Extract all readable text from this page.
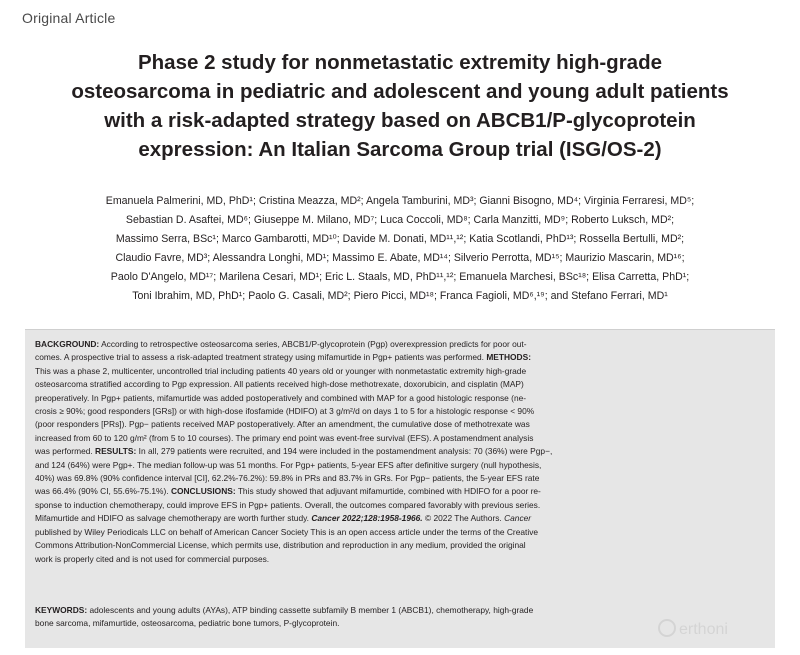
Original Article
Phase 2 study for nonmetastatic extremity high-grade
osteosarcoma in pediatric and adolescent and young adult patients
with a risk-adapted strategy based on ABCB1/P-glycoprotein
expression: An Italian Sarcoma Group trial (ISG/OS-2)
Emanuela Palmerini, MD, PhD¹; Cristina Meazza, MD²; Angela Tamburini, MD³; Gianni Bisogno, MD⁴; Virginia Ferraresi, MD⁵;
Sebastian D. Asaftei, MD⁶; Giuseppe M. Milano, MD⁷; Luca Coccoli, MD⁸; Carla Manzitti, MD⁹; Roberto Luksch, MD²;
Massimo Serra, BSc¹; Marco Gambarotti, MD¹⁰; Davide M. Donati, MD¹¹,¹²; Katia Scotlandi, PhD¹³; Rossella Bertulli, MD²;
Claudio Favre, MD³; Alessandra Longhi, MD¹; Massimo E. Abate, MD¹⁴; Silverio Perrotta, MD¹⁵; Maurizio Mascarin, MD¹⁶;
Paolo D'Angelo, MD¹⁷; Marilena Cesari, MD¹; Eric L. Staals, MD, PhD¹¹,¹²; Emanuela Marchesi, BSc¹⁸; Elisa Carretta, PhD¹;
Toni Ibrahim, MD, PhD¹; Paolo G. Casali, MD²; Piero Picci, MD¹⁸; Franca Fagioli, MD⁶,¹⁹; and Stefano Ferrari, MD¹
BACKGROUND: According to retrospective osteosarcoma series, ABCB1/P-glycoprotein (Pgp) overexpression predicts for poor out-
comes. A prospective trial to assess a risk-adapted treatment strategy using mifamurtide in Pgp+ patients was performed. METHODS:
This was a phase 2, multicenter, uncontrolled trial including patients 40 years old or younger with nonmetastatic extremity high-grade
osteosarcoma stratified according to Pgp expression. All patients received high-dose methotrexate, doxorubicin, and cisplatin (MAP)
preoperatively. In Pgp+ patients, mifamurtide was added postoperatively and combined with MAP for a good histologic response (ne-
crosis ≥ 90%; good responders [GRs]) or with high-dose ifosfamide (HDIFO) at 3 g/m²/d on days 1 to 5 for a histologic response < 90%
(poor responders [PRs]). Pgp− patients received MAP postoperatively. After an amendment, the cumulative dose of methotrexate was
increased from 60 to 120 g/m² (from 5 to 10 courses). The primary end point was event-free survival (EFS). A postamendment analysis
was performed. RESULTS: In all, 279 patients were recruited, and 194 were included in the postamendment analysis: 70 (36%) were Pgp−,
and 124 (64%) were Pgp+. The median follow-up was 51 months. For Pgp+ patients, 5-year EFS after definitive surgery (null hypothesis,
40%) was 69.8% (90% confidence interval [CI], 62.2%-76.2%): 59.8% in PRs and 83.7% in GRs. For Pgp− patients, the 5-year EFS rate
was 66.4% (90% CI, 55.6%-75.1%). CONCLUSIONS: This study showed that adjuvant mifamurtide, combined with HDIFO for a poor re-
sponse to induction chemotherapy, could improve EFS in Pgp+ patients. Overall, the outcomes compared favorably with previous series.
Mifamurtide and HDIFO as salvage chemotherapy are worth further study. Cancer 2022;128:1958-1966. © 2022 The Authors. Cancer
published by Wiley Periodicals LLC on behalf of American Cancer Society This is an open access article under the terms of the Creative
Commons Attribution-NonCommercial License, which permits use, distribution and reproduction in any medium, provided the original
work is properly cited and is not used for commercial purposes.
KEYWORDS: adolescents and young adults (AYAs), ATP binding cassette subfamily B member 1 (ABCB1), chemotherapy, high-grade
bone sarcoma, mifamurtide, osteosarcoma, pediatric bone tumors, P-glycoprotein.	erthoni
